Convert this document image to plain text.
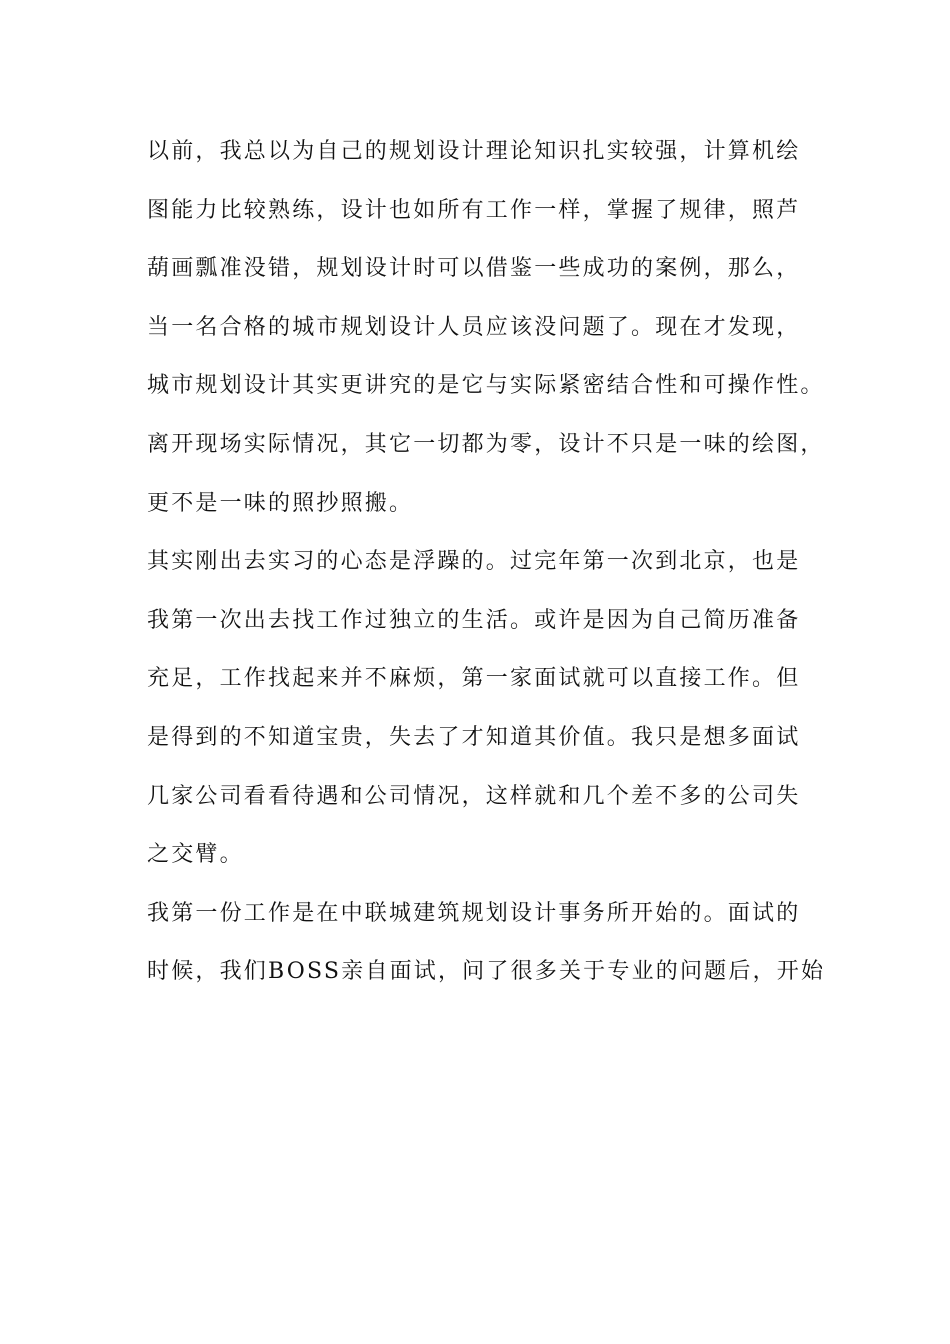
以前，我总以为自己的规划设计理论知识扎实较强，计算机绘
图能力比较熟练，设计也如所有工作一样，掌握了规律，照芦
葫画瓢准没错，规划设计时可以借鉴一些成功的案例，那么，
当一名合格的城市规划设计人员应该没问题了。现在才发现，
城市规划设计其实更讲究的是它与实际紧密结合性和可操作性。
离开现场实际情况，其它一切都为零，设计不只是一味的绘图，
更不是一味的照抄照搬。
其实刚出去实习的心态是浮躁的。过完年第一次到北京，也是
我第一次出去找工作过独立的生活。或许是因为自己简历准备
充足，工作找起来并不麻烦，第一家面试就可以直接工作。但
是得到的不知道宝贵，失去了才知道其价值。我只是想多面试
几家公司看看待遇和公司情况，这样就和几个差不多的公司失
之交臂。
我第一份工作是在中联城建筑规划设计事务所开始的。面试的
时候，我们BOSS亲自面试，问了很多关于专业的问题后，开始
